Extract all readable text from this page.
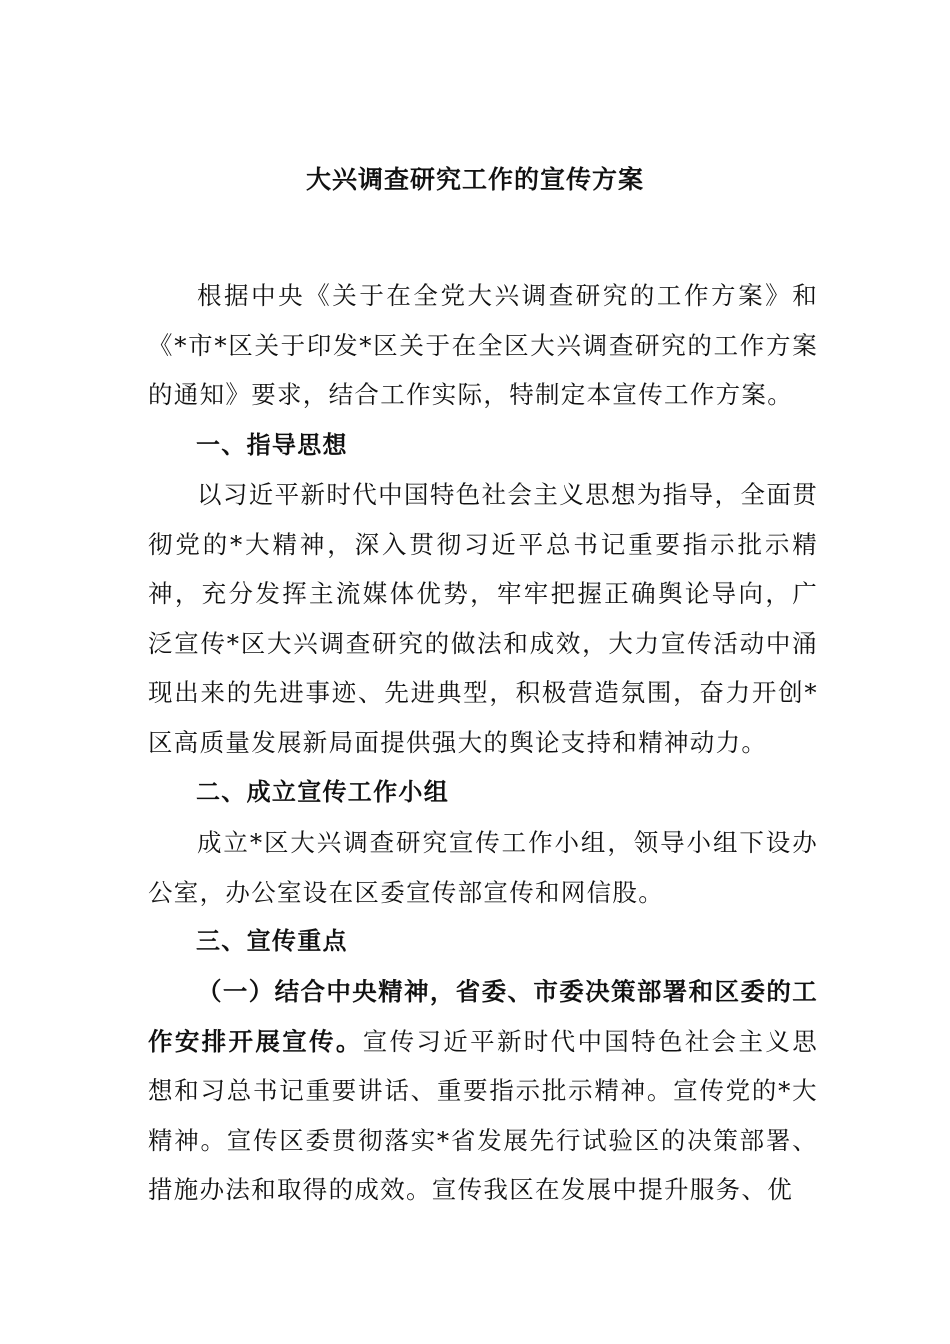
大兴调查研究工作的宣传方案

根据中央《关于在全党大兴调查研究的工作方案》和《*市*区关于印发*区关于在全区大兴调查研究的工作方案的通知》要求，结合工作实际，特制定本宣传工作方案。

一、指导思想

以习近平新时代中国特色社会主义思想为指导，全面贯彻党的*大精神，深入贯彻习近平总书记重要指示批示精神，充分发挥主流媒体优势，牢牢把握正确舆论导向，广泛宣传*区大兴调查研究的做法和成效，大力宣传活动中涌现出来的先进事迹、先进典型，积极营造氛围，奋力开创*区高质量发展新局面提供强大的舆论支持和精神动力。

二、成立宣传工作小组

成立*区大兴调查研究宣传工作小组，领导小组下设办公室，办公室设在区委宣传部宣传和网信股。

三、宣传重点

（一）结合中央精神，省委、市委决策部署和区委的工作安排开展宣传。宣传习近平新时代中国特色社会主义思想和习总书记重要讲话、重要指示批示精神。宣传党的*大精神。宣传区委贯彻落实*省发展先行试验区的决策部署、措施办法和取得的成效。宣传我区在发展中提升服务、优
